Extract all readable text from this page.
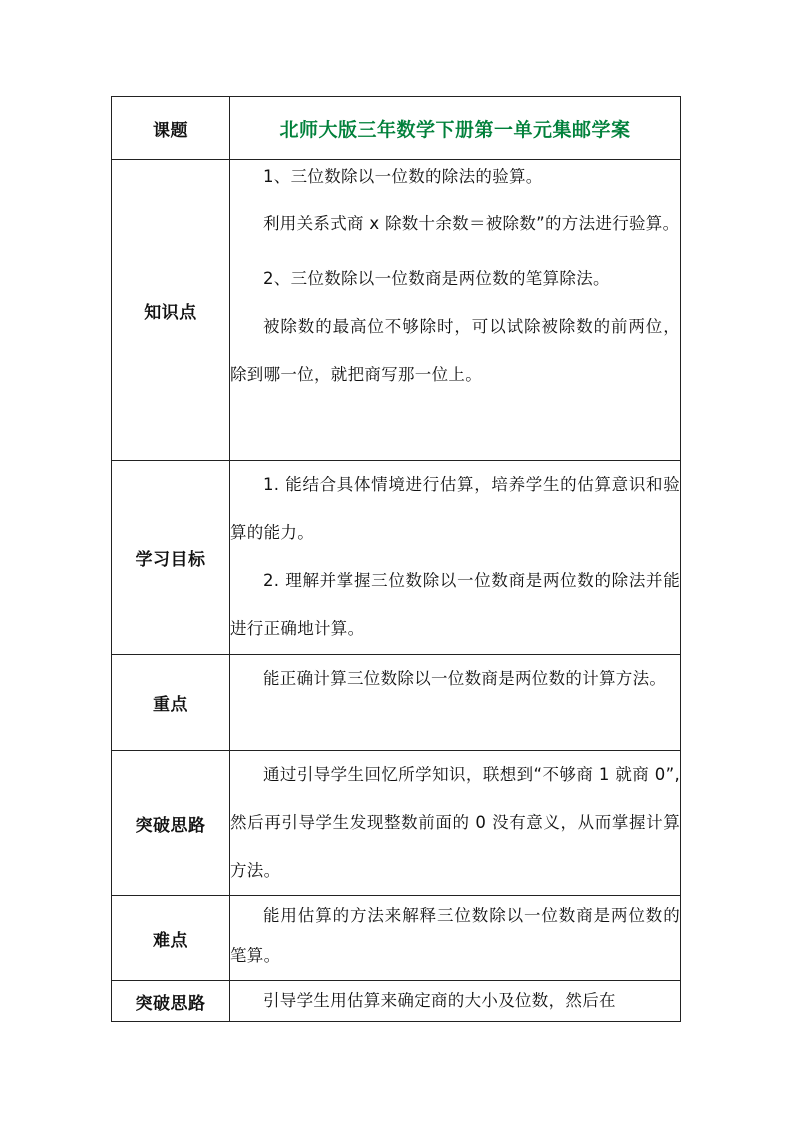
课题	北师大版三年数学下册第一单元集邮学案

知识点	1、三位数除以一位数的除法的验算。

利用关系式商 x 除数十余数＝被除数”的方法进行验算。

2、三位数除以一位数商是两位数的笔算除法。

被除数的最高位不够除时，可以试除被除数的前两位，除到哪一位，就把商写那一位上。

学习目标	1. 能结合具体情境进行估算，培养学生的估算意识和验算的能力。

2. 理解并掌握三位数除以一位数商是两位数的除法并能进行正确地计算。

重点	能正确计算三位数除以一位数商是两位数的计算方法。

突破思路	通过引导学生回忆所学知识，联想到“不够商 1 就商 0”, 然后再引导学生发现整数前面的 0 没有意义，从而掌握计算方法。

难点	能用估算的方法来解释三位数除以一位数商是两位数的笔算。

突破思路	引导学生用估算来确定商的大小及位数，然后在
